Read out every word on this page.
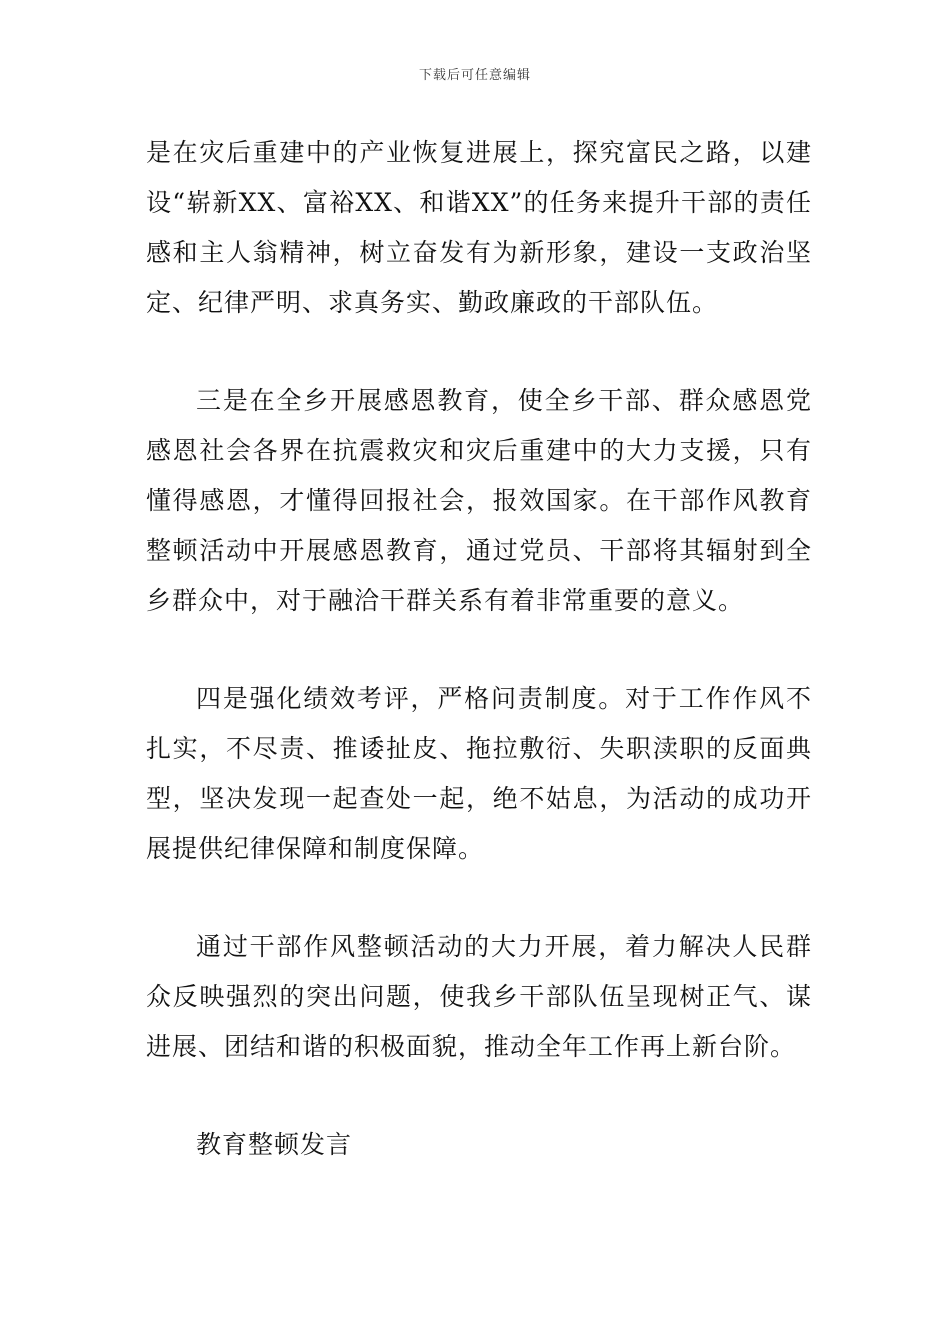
下载后可任意编辑

是在灾后重建中的产业恢复进展上，探究富民之路，以建设“崭新XX、富裕XX、和谐XX”的任务来提升干部的责任感和主人翁精神，树立奋发有为新形象，建设一支政治坚定、纪律严明、求真务实、勤政廉政的干部队伍。

三是在全乡开展感恩教育，使全乡干部、群众感恩党感恩社会各界在抗震救灾和灾后重建中的大力支援，只有懂得感恩，才懂得回报社会，报效国家。在干部作风教育整顿活动中开展感恩教育，通过党员、干部将其辐射到全乡群众中，对于融洽干群关系有着非常重要的意义。

四是强化绩效考评，严格问责制度。对于工作作风不扎实，不尽责、推诿扯皮、拖拉敷衍、失职渎职的反面典型，坚决发现一起查处一起，绝不姑息，为活动的成功开展提供纪律保障和制度保障。

通过干部作风整顿活动的大力开展，着力解决人民群众反映强烈的突出问题，使我乡干部队伍呈现树正气、谋进展、团结和谐的积极面貌，推动全年工作再上新台阶。

教育整顿发言
